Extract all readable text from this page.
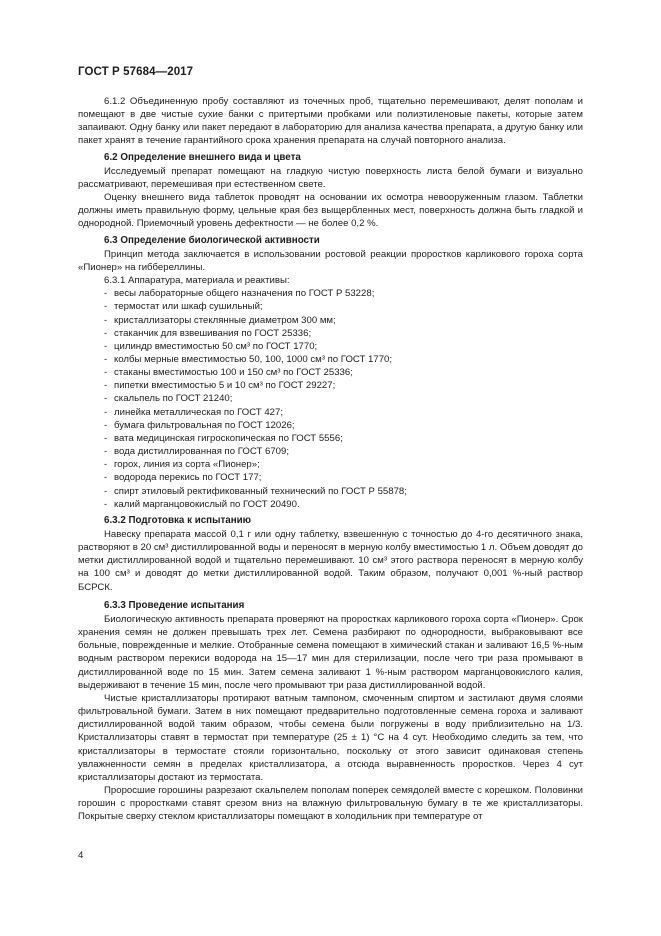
ГОСТ Р 57684—2017

6.1.2 Объединенную пробу составляют из точечных проб, тщательно перемешивают, делят пополам и помещают в две чистые сухие банки с притертыми пробками или полиэтиленовые пакеты, которые затем запаивают. Одну банку или пакет передают в лабораторию для анализа качества препарата, а другую банку или пакет хранят в течение гарантийного срока хранения препарата на случай повторного анализа.

6.2 Определение внешнего вида и цвета

Исследуемый препарат помещают на гладкую чистую поверхность листа белой бумаги и визуально рассматривают, перемешивая при естественном свете.

Оценку внешнего вида таблеток проводят на основании их осмотра невооруженным глазом. Таблетки должны иметь правильную форму, цельные края без выщербленных мест, поверхность должна быть гладкой и однородной. Приемочный уровень дефектности — не более 0,2 %.

6.3 Определение биологической активности

Принцип метода заключается в использовании ростовой реакции проростков карликового гороха сорта «Пионер» на гиббереллины.

6.3.1 Аппаратура, материала и реактивы:

- весы лабораторные общего назначения по ГОСТ Р 53228;
- термостат или шкаф сушильный;
- кристаллизаторы стеклянные диаметром 300 мм;
- стаканчик для взвешивания по ГОСТ 25336;
- цилиндр вместимостью 50 см³ по ГОСТ 1770;
- колбы мерные вместимостью 50, 100, 1000 см³ по ГОСТ 1770;
- стаканы вместимостью 100 и 150 см³ по ГОСТ 25336;
- пипетки вместимостью 5 и 10 см³ по ГОСТ 29227;
- скальпель по ГОСТ 21240;
- линейка металлическая по ГОСТ 427;
- бумага фильтровальная по ГОСТ 12026;
- вата медицинская гигроскопическая по ГОСТ 5556;
- вода дистиллированная по ГОСТ 6709;
- горох, линия из сорта «Пионер»;
- водорода перекись по ГОСТ 177;
- спирт этиловый ректификованный технический по ГОСТ Р 55878;
- калий марганцовокислый по ГОСТ 20490.
6.3.2 Подготовка к испытанию

Навеску препарата массой 0,1 г или одну таблетку, взвешенную с точностью до 4-го десятичного знака, растворяют в 20 см³ дистиллированной воды и переносят в мерную колбу вместимостью 1 л. Объем доводят до метки дистиллированной водой и тщательно перемешивают. 10 см³ этого раствора переносят в мерную колбу на 100 см³ и доводят до метки дистиллированной водой. Таким образом, получают 0,001 %-ный раствор БСРСК.

6.3.3 Проведение испытания

Биологическую активность препарата проверяют на проростках карликового гороха сорта «Пионер». Срок хранения семян не должен превышать трех лет. Семена разбирают по однородности, выбраковывают все больные, поврежденные и мелкие. Отобранные семена помещают в химический стакан и заливают 16,5 %-ным водным раствором перекиси водорода на 15—17 мин для стерилизации, после чего три раза промывают в дистиллированной воде по 15 мин. Затем семена заливают 1 %-ным раствором марганцовокислого калия, выдерживают в течение 15 мин, после чего промывают три раза дистиллированной водой.

Чистые кристаллизаторы протирают ватным тампоном, смоченным спиртом и застилают двумя слоями фильтровальной бумаги. Затем в них помещают предварительно подготовленные семена гороха и заливают дистиллированной водой таким образом, чтобы семена были погружены в воду приблизительно на 1/3. Кристаллизаторы ставят в термостат при температуре (25 ± 1) °С на 4 сут. Необходимо следить за тем, что кристаллизаторы в термостате стояли горизонтально, поскольку от этого зависит одинаковая степень увлажненности семян в пределах кристаллизатора, а отсюда выравненность проростков. Через 4 сут кристаллизаторы достают из термостата.

Проросшие горошины разрезают скальпелем пополам поперек семядолей вместе с корешком. Половинки горошин с проростками ставят срезом вниз на влажную фильтровальную бумагу в те же кристаллизаторы. Покрытые сверху стеклом кристаллизаторы помещают в холодильник при температуре от

4
